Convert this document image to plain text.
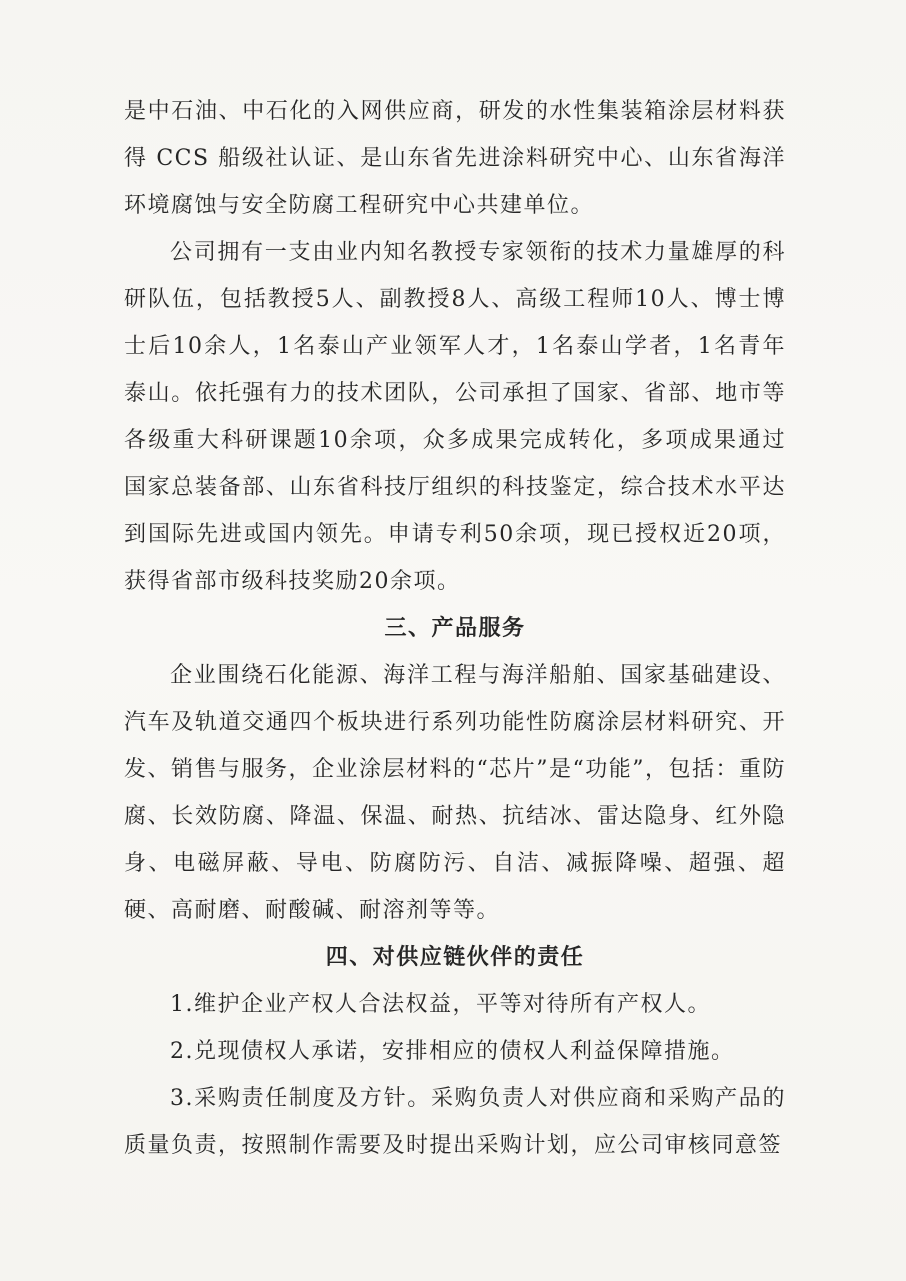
是中石油、中石化的入网供应商，研发的水性集装箱涂层材料获得 CCS 船级社认证、是山东省先进涂料研究中心、山东省海洋环境腐蚀与安全防腐工程研究中心共建单位。

公司拥有一支由业内知名教授专家领衔的技术力量雄厚的科研队伍，包括教授5人、副教授8人、高级工程师10人、博士博士后10余人，1名泰山产业领军人才，1名泰山学者，1名青年泰山。依托强有力的技术团队，公司承担了国家、省部、地市等各级重大科研课题10余项，众多成果完成转化，多项成果通过国家总装备部、山东省科技厅组织的科技鉴定，综合技术水平达到国际先进或国内领先。申请专利50余项，现已授权近20项，获得省部市级科技奖励20余项。

三、产品服务

企业围绕石化能源、海洋工程与海洋船舶、国家基础建设、汽车及轨道交通四个板块进行系列功能性防腐涂层材料研究、开发、销售与服务，企业涂层材料的“芯片”是“功能”，包括：重防腐、长效防腐、降温、保温、耐热、抗结冰、雷达隐身、红外隐身、电磁屏蔽、导电、防腐防污、自洁、减振降噪、超强、超硬、高耐磨、耐酸碱、耐溶剂等等。

四、对供应链伙伴的责任

1.维护企业产权人合法权益，平等对待所有产权人。

2.兑现债权人承诺，安排相应的债权人利益保障措施。

3.采购责任制度及方针。采购负责人对供应商和采购产品的质量负责，按照制作需要及时提出采购计划，应公司审核同意签
